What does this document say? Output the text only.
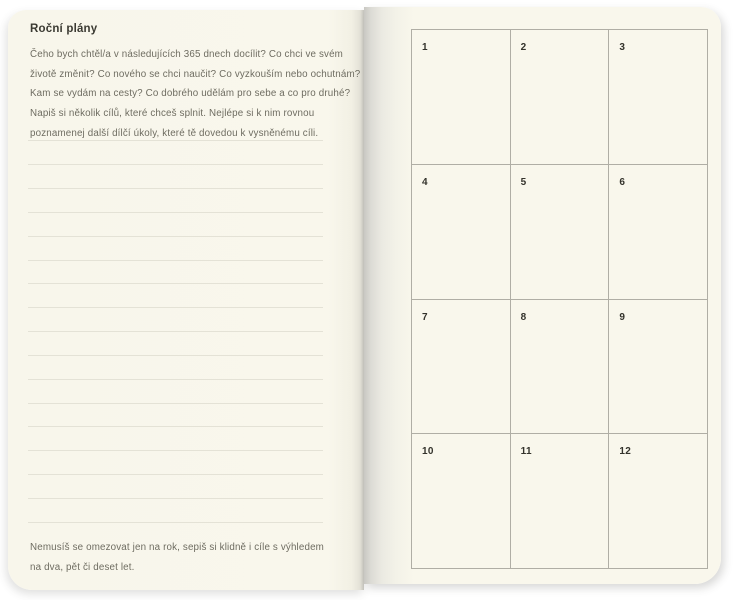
Roční plány
Čeho bych chtěl/a v následujících 365 dnech docílit? Co chci ve svém
životě změnit? Co nového se chci naučit? Co vyzkouším nebo ochutnám?
Kam se vydám na cesty? Co dobrého udělám pro sebe a co pro druhé?
Napiš si několik cílů, které chceš splnit. Nejlépe si k nim rovnou
poznamenej další dílčí úkoly, které tě dovedou k vysněnému cíli.
Nemusíš se omezovat jen na rok, sepiš si klidně i cíle s výhledem
na dva, pět či deset let.
1	2	3
4	5	6
7	8	9
10	11	12
